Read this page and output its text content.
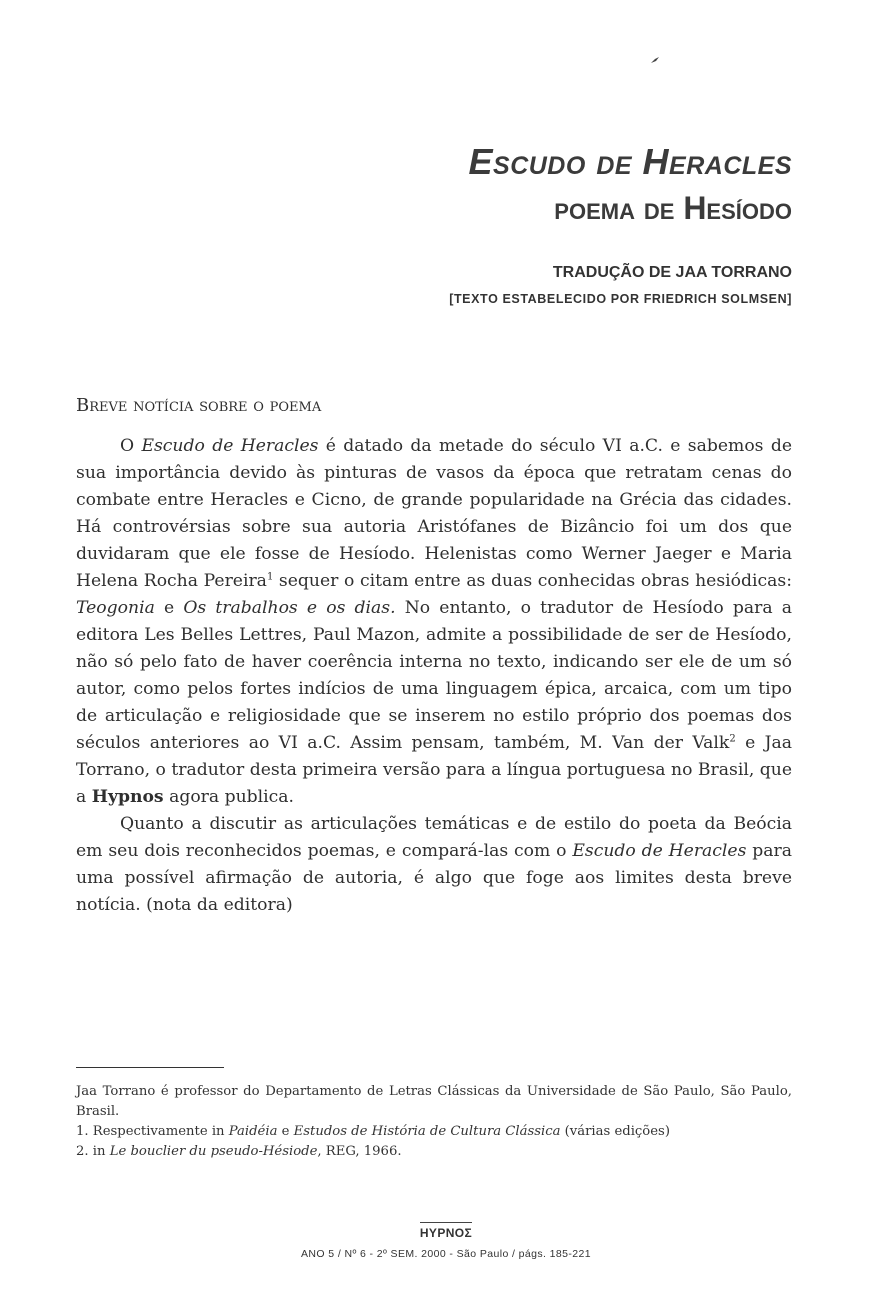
Escudo de Heracles
poema de Hesíodo

TRADUÇÃO DE JAA TORRANO

[TEXTO ESTABELECIDO POR FRIEDRICH SOLMSEN]

Breve notícia sobre o poema

O Escudo de Heracles é datado da metade do século VI a.C. e sabemos de sua importância devido às pinturas de vasos da época que retratam cenas do combate entre Heracles e Cicno, de grande popularidade na Grécia das cidades. Há controvérsias sobre sua autoria Aristófanes de Bizâncio foi um dos que duvidaram que ele fosse de Hesíodo. Helenistas como Werner Jaeger e Maria Helena Rocha Pereira$^1$ sequer o citam entre as duas conhecidas obras hesiódicas: Teogonia e Os trabalhos e os dias. No entanto, o tradutor de Hesíodo para a editora Les Belles Lettres, Paul Mazon, admite a possibilidade de ser de Hesíodo, não só pelo fato de haver coerência interna no texto, indicando ser ele de um só autor, como pelos fortes indícios de uma linguagem épica, arcaica, com um tipo de articulação e religiosidade que se inserem no estilo próprio dos poemas dos séculos anteriores ao VI a.C. Assim pensam, também, M. Van der Valk$^2$ e Jaa Torrano, o tradutor desta primeira versão para a língua portuguesa no Brasil, que a Hypnos agora publica.

Quanto a discutir as articulações temáticas e de estilo do poeta da Beócia em seu dois reconhecidos poemas, e compará-las com o Escudo de Heracles para uma possível afirmação de autoria, é algo que foge aos limites desta breve notícia. (nota da editora)

Jaa Torrano é professor do Departamento de Letras Clássicas da Universidade de São Paulo, São Paulo, Brasil.

1. Respectivamente in Paidéia e Estudos de História de Cultura Clássica (várias edições)

2. in Le bouclier du pseudo-Hésiode, REG, 1966.

HYPNOΣ
ANO 5 / Nº 6 - 2º SEM. 2000 - São Paulo / págs. 185-221
